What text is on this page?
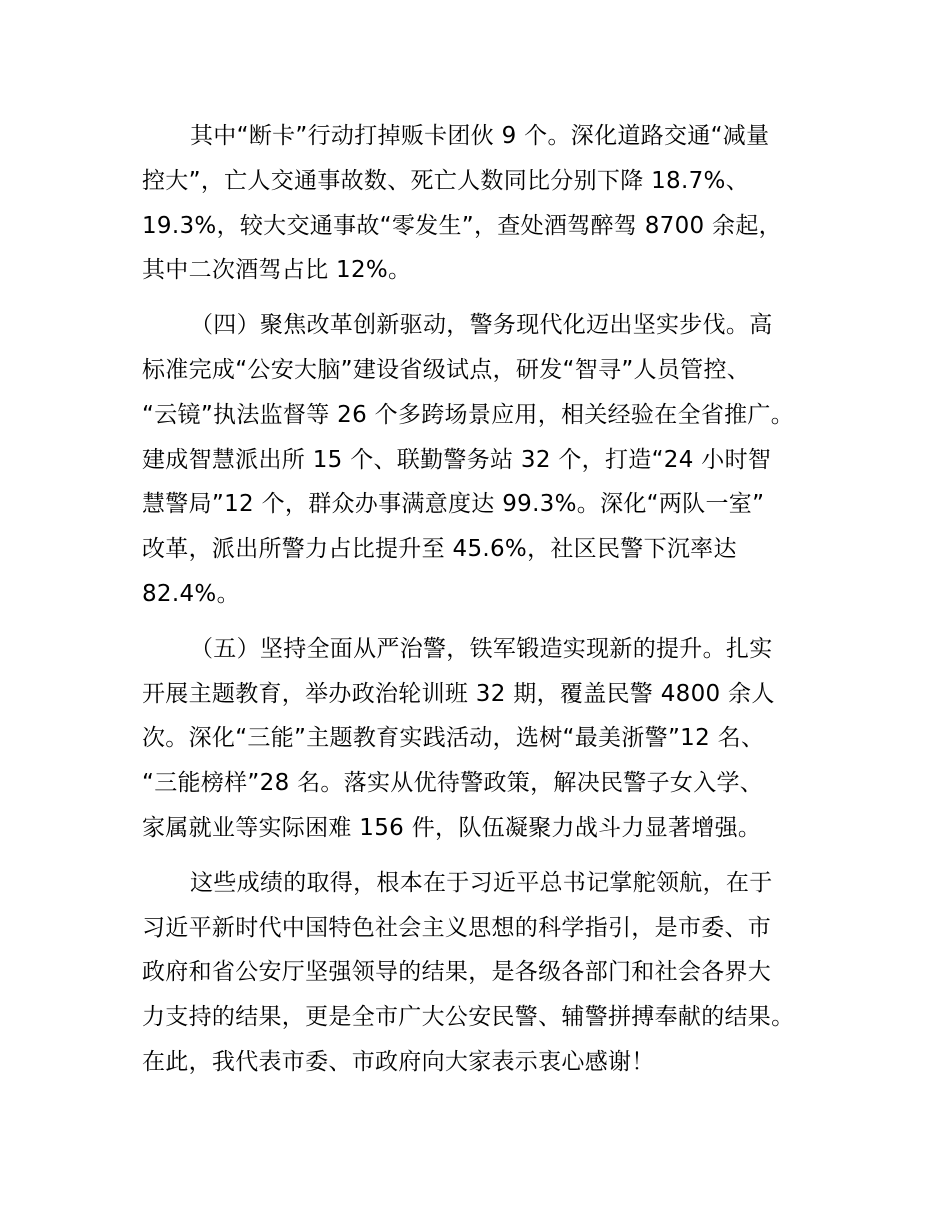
其中“断卡”行动打掉贩卡团伙 9 个。深化道路交通“减量
控大”，亡人交通事故数、死亡人数同比分别下降 18.7%、
19.3%，较大交通事故“零发生”，查处酒驾醉驾 8700 余起，
其中二次酒驾占比 12%。
（四）聚焦改革创新驱动，警务现代化迈出坚实步伐。高
标准完成“公安大脑”建设省级试点，研发“智寻”人员管控、
“云镜”执法监督等 26 个多跨场景应用，相关经验在全省推广。
建成智慧派出所 15 个、联勤警务站 32 个，打造“24 小时智
慧警局”12 个，群众办事满意度达 99.3%。深化“两队一室”
改革，派出所警力占比提升至 45.6%，社区民警下沉率达
82.4%。
（五）坚持全面从严治警，铁军锻造实现新的提升。扎实
开展主题教育，举办政治轮训班 32 期，覆盖民警 4800 余人
次。深化“三能”主题教育实践活动，选树“最美浙警”12 名、
“三能榜样”28 名。落实从优待警政策，解决民警子女入学、
家属就业等实际困难 156 件，队伍凝聚力战斗力显著增强。
这些成绩的取得，根本在于习近平总书记掌舵领航，在于
习近平新时代中国特色社会主义思想的科学指引，是市委、市
政府和省公安厅坚强领导的结果，是各级各部门和社会各界大
力支持的结果，更是全市广大公安民警、辅警拼搏奉献的结果。
在此，我代表市委、市政府向大家表示衷心感谢！
